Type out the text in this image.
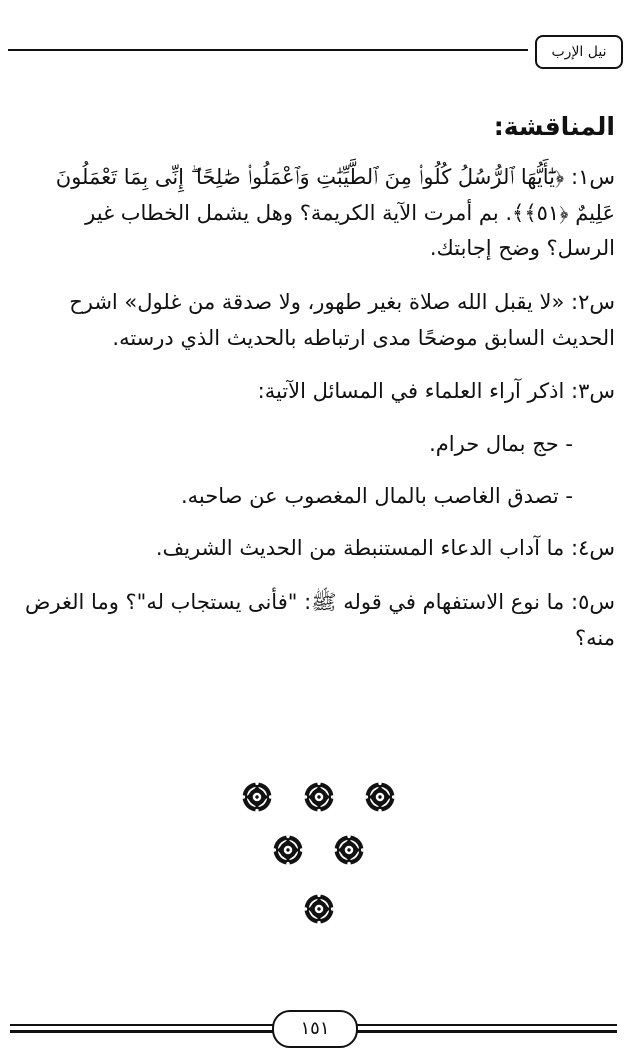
نيل الإرب
المناقشة:
س١: ﴿يَٰٓأَيُّهَا ٱلرُّسُلُ كُلُوا۟ مِنَ ٱلطَّيِّبَٰتِ وَٱعْمَلُوا۟ صَٰلِحًا ۖ إِنِّى بِمَا تَعْمَلُونَ عَلِيمٌ ﴿٥١﴾﴾. بم أمرت الآية الكريمة؟ وهل يشمل الخطاب غير الرسل؟ وضح إجابتك.
س٢: «لا يقبل الله صلاة بغير طهور، ولا صدقة من غلول» اشرح الحديث السابق موضحًا مدى ارتباطه بالحديث الذي درسته.
س٣: اذكر آراء العلماء في المسائل الآتية:
- حج بمال حرام.
- تصدق الغاصب بالمال المغصوب عن صاحبه.
س٤: ما آداب الدعاء المستنبطة من الحديث الشريف.
س٥: ما نوع الاستفهام في قوله ﷺ: "فأنى يستجاب له"؟ وما الغرض منه؟

١٥١
